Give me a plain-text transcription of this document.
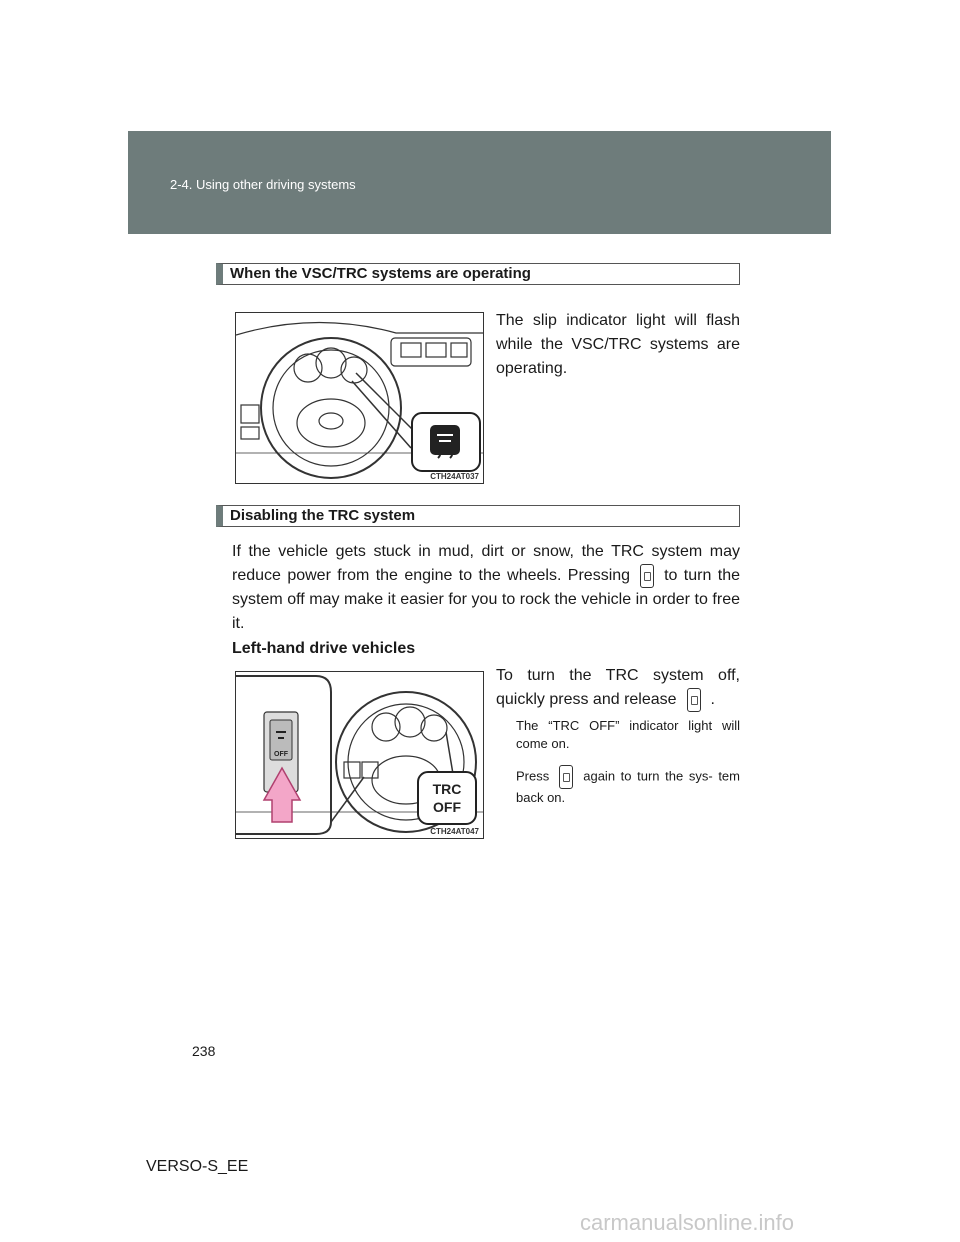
2-4. Using other driving systems
When the VSC/TRC systems are operating
CTH24AT037
The slip indicator light will flash while the VSC/TRC systems are operating.
Disabling the TRC system
If the vehicle gets stuck in mud, dirt or snow, the TRC system may reduce power from the engine to the wheels. Pressing to turn the system off may make it easier for you to rock the vehicle in order to free it.
Left-hand drive vehicles
OFF
TRC
OFF
CTH24AT047
To turn the TRC system off, quickly press and release .
The “TRC OFF” indicator light will come on.
Press	again to turn the sys- tem back on.
238
VERSO-S_EE
carmanualsonline.info
